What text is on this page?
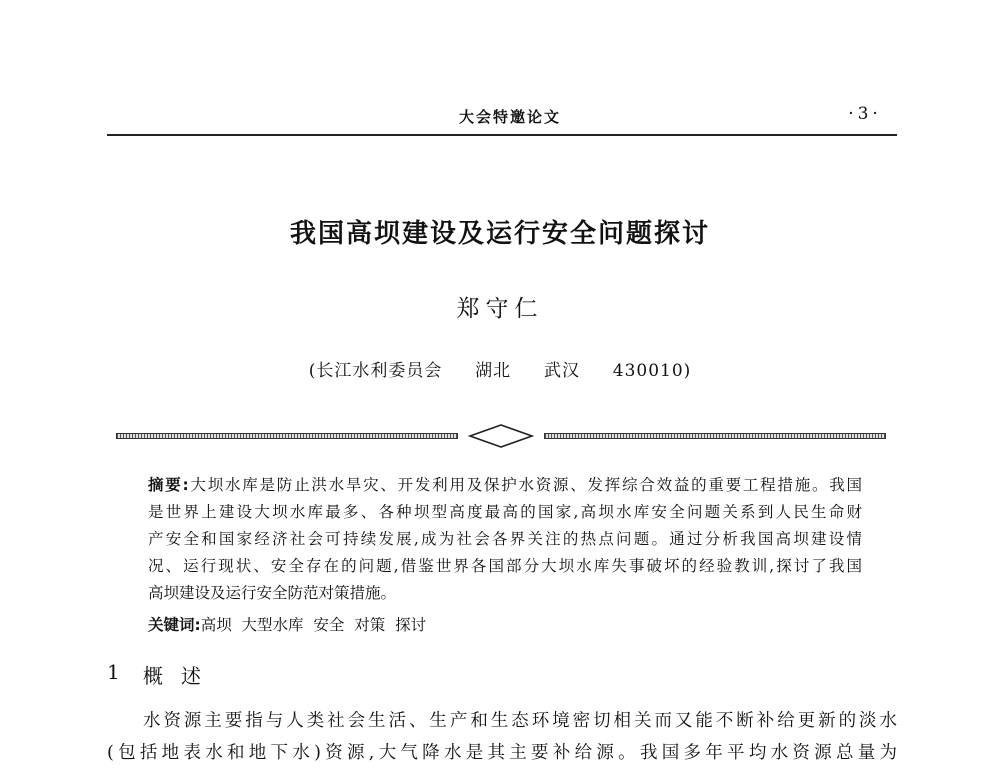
大会特邀论文	·3·
我国高坝建设及运行安全问题探讨
郑守仁
(长江水利委员会  湖北  武汉  430010)
摘要:大坝水库是防止洪水旱灾、开发利用及保护水资源、发挥综合效益的重要工程措施。我国
是世界上建设大坝水库最多、各种坝型高度最高的国家,高坝水库安全问题关系到人民生命财
产安全和国家经济社会可持续发展,成为社会各界关注的热点问题。通过分析我国高坝建设情
况、运行现状、安全存在的问题,借鉴世界各国部分大坝水库失事破坏的经验教训,探讨了我国
高坝建设及运行安全防范对策措施。
关键词:高坝  大型水库  安全  对策  探讨
1 概述
水资源主要指与人类社会生活、生产和生态环境密切相关而又能不断补给更新的淡水
(包括地表水和地下水)资源,大气降水是其主要补给源。我国多年平均水资源总量为
